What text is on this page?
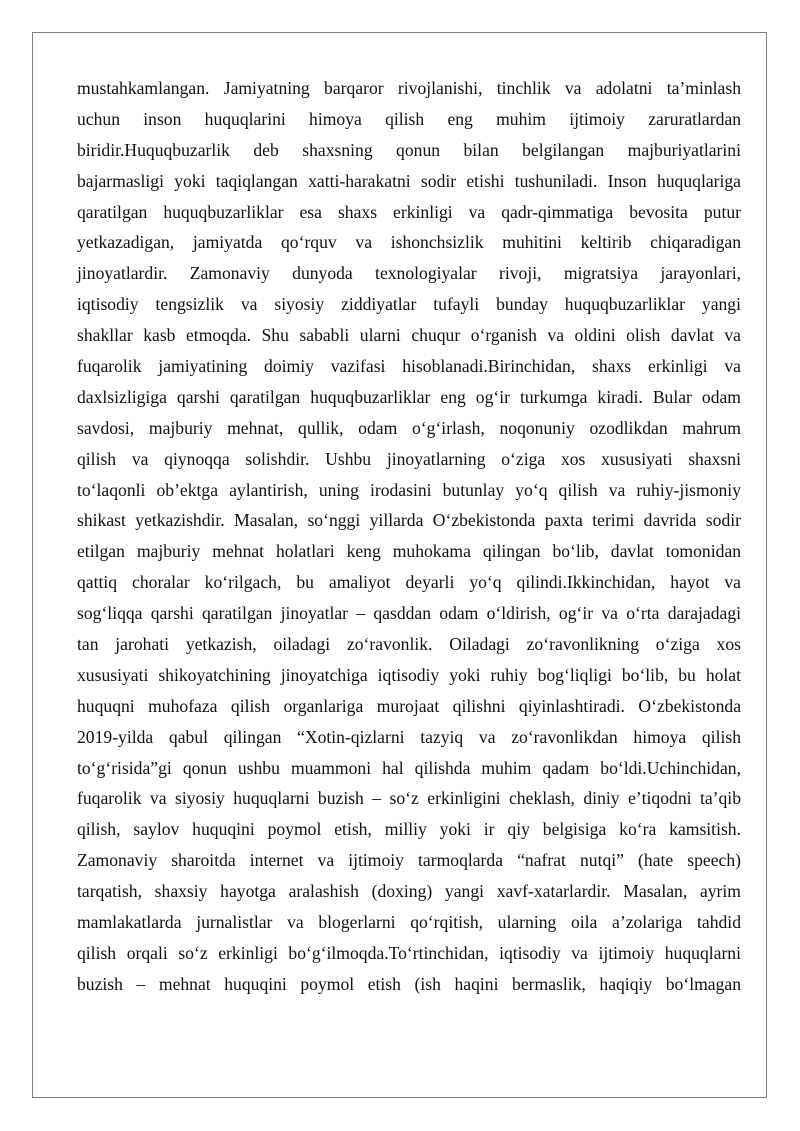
mustahkamlangan. Jamiyatning barqaror rivojlanishi, tinchlik va adolatni taʼminlash
uchun inson huquqlarini himoya qilish eng muhim ijtimoiy zaruratlardan
biridir.Huquqbuzarlik deb shaxsning qonun bilan belgilangan majburiyatlarini
bajarmasligi yoki taqiqlangan xatti-harakatni sodir etishi tushuniladi. Inson huquqlariga
qaratilgan huquqbuzarliklar esa shaxs erkinligi va qadr-qimmatiga bevosita putur
yetkazadigan, jamiyatda qoʻrquv va ishonchsizlik muhitini keltirib chiqaradigan
jinoyatlardir. Zamonaviy dunyoda texnologiyalar rivoji, migratsiya jarayonlari,
iqtisodiy tengsizlik va siyosiy ziddiyatlar tufayli bunday huquqbuzarliklar yangi
shakllar kasb etmoqda. Shu sababli ularni chuqur oʻrganish va oldini olish davlat va
fuqarolik jamiyatining doimiy vazifasi hisoblanadi.Birinchidan, shaxs erkinligi va
daxlsizligiga qarshi qaratilgan huquqbuzarliklar eng ogʻir turkumga kiradi. Bular odam
savdosi, majburiy mehnat, qullik, odam oʻgʻirlash, noqonuniy ozodlikdan mahrum
qilish va qiynoqqa solishdir. Ushbu jinoyatlarning oʻziga xos xususiyati shaxsni
toʻlaqonli obʼektga aylantirish, uning irodasini butunlay yoʻq qilish va ruhiy-jismoniy
shikast yetkazishdir. Masalan, soʻnggi yillarda Oʻzbekistonda paxta terimi davrida sodir
etilgan majburiy mehnat holatlari keng muhokama qilingan boʻlib, davlat tomonidan
qattiq choralar koʻrilgach, bu amaliyot deyarli yoʻq qilindi.Ikkinchidan, hayot va
sogʻliqqa qarshi qaratilgan jinoyatlar – qasddan odam oʻldirish, ogʻir va oʻrta darajadagi
tan jarohati yetkazish, oiladagi zoʻravonlik. Oiladagi zoʻravonlikning oʻziga xos
xususiyati shikoyatchining jinoyatchiga iqtisodiy yoki ruhiy bogʻliqligi boʻlib, bu holat
huquqni muhofaza qilish organlariga murojaat qilishni qiyinlashtiradi. Oʻzbekistonda
2019-yilda qabul qilingan “Xotin-qizlarni tazyiq va zoʻravonlikdan himoya qilish
toʻgʻrisida”gi qonun ushbu muammoni hal qilishda muhim qadam boʻldi.Uchinchidan,
fuqarolik va siyosiy huquqlarni buzish – soʻz erkinligini cheklash, diniy eʼtiqodni taʼqib
qilish, saylov huquqini poymol etish, milliy yoki ir qiy belgisiga koʻra kamsitish.
Zamonaviy sharoitda internet va ijtimoiy tarmoqlarda “nafrat nutqi” (hate speech)
tarqatish, shaxsiy hayotga aralashish (doxing) yangi xavf-xatarlardir. Masalan, ayrim
mamlakatlarda jurnalistlar va blogerlarni qoʻrqitish, ularning oila aʼzolariga tahdid
qilish orqali soʻz erkinligi boʻgʻilmoqda.Toʻrtinchidan, iqtisodiy va ijtimoiy huquqlarni
buzish – mehnat huquqini poymol etish (ish haqini bermaslik, haqiqiy boʻlmagan
